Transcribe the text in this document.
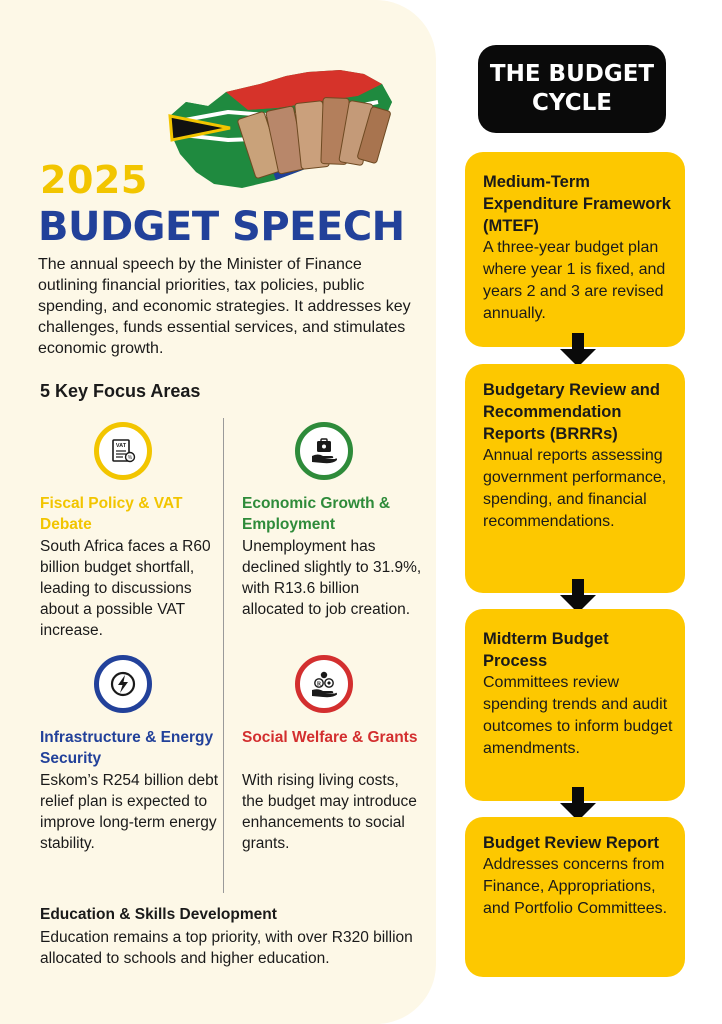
2025
BUDGET SPEECH
The annual speech by the Minister of Finance outlining financial priorities, tax policies, public spending, and economic strategies. It addresses key challenges, funds essential services, and stimulates economic growth.
5 Key Focus Areas
VAT
%
Fiscal Policy & VAT Debate
South Africa faces a R60 billion budget shortfall, leading to discussions about a possible VAT increase.
Economic Growth & Employment
Unemployment has declined slightly to 31.9%, with R13.6 billion allocated to job creation.
Infrastructure & Energy Security
Eskom’s R254 billion debt relief plan is expected to improve long-term energy stability.
R
Social Welfare & Grants
With rising living costs, the budget may introduce enhancements to social grants.
Education & Skills Development
Education remains a top priority, with over R320 billion allocated to schools and higher education.
THE BUDGET CYCLE
Medium-Term Expenditure Framework (MTEF)
A three-year budget plan where year 1 is fixed, and years 2 and 3 are revised annually.
Budgetary Review and Recommendation Reports (BRRRs)
Annual reports assessing government performance, spending, and financial recommendations.
Midterm Budget Process
Committees review spending trends and audit outcomes to inform budget amendments.
Budget Review Report
Addresses concerns from Finance, Appropriations, and Portfolio Committees.
